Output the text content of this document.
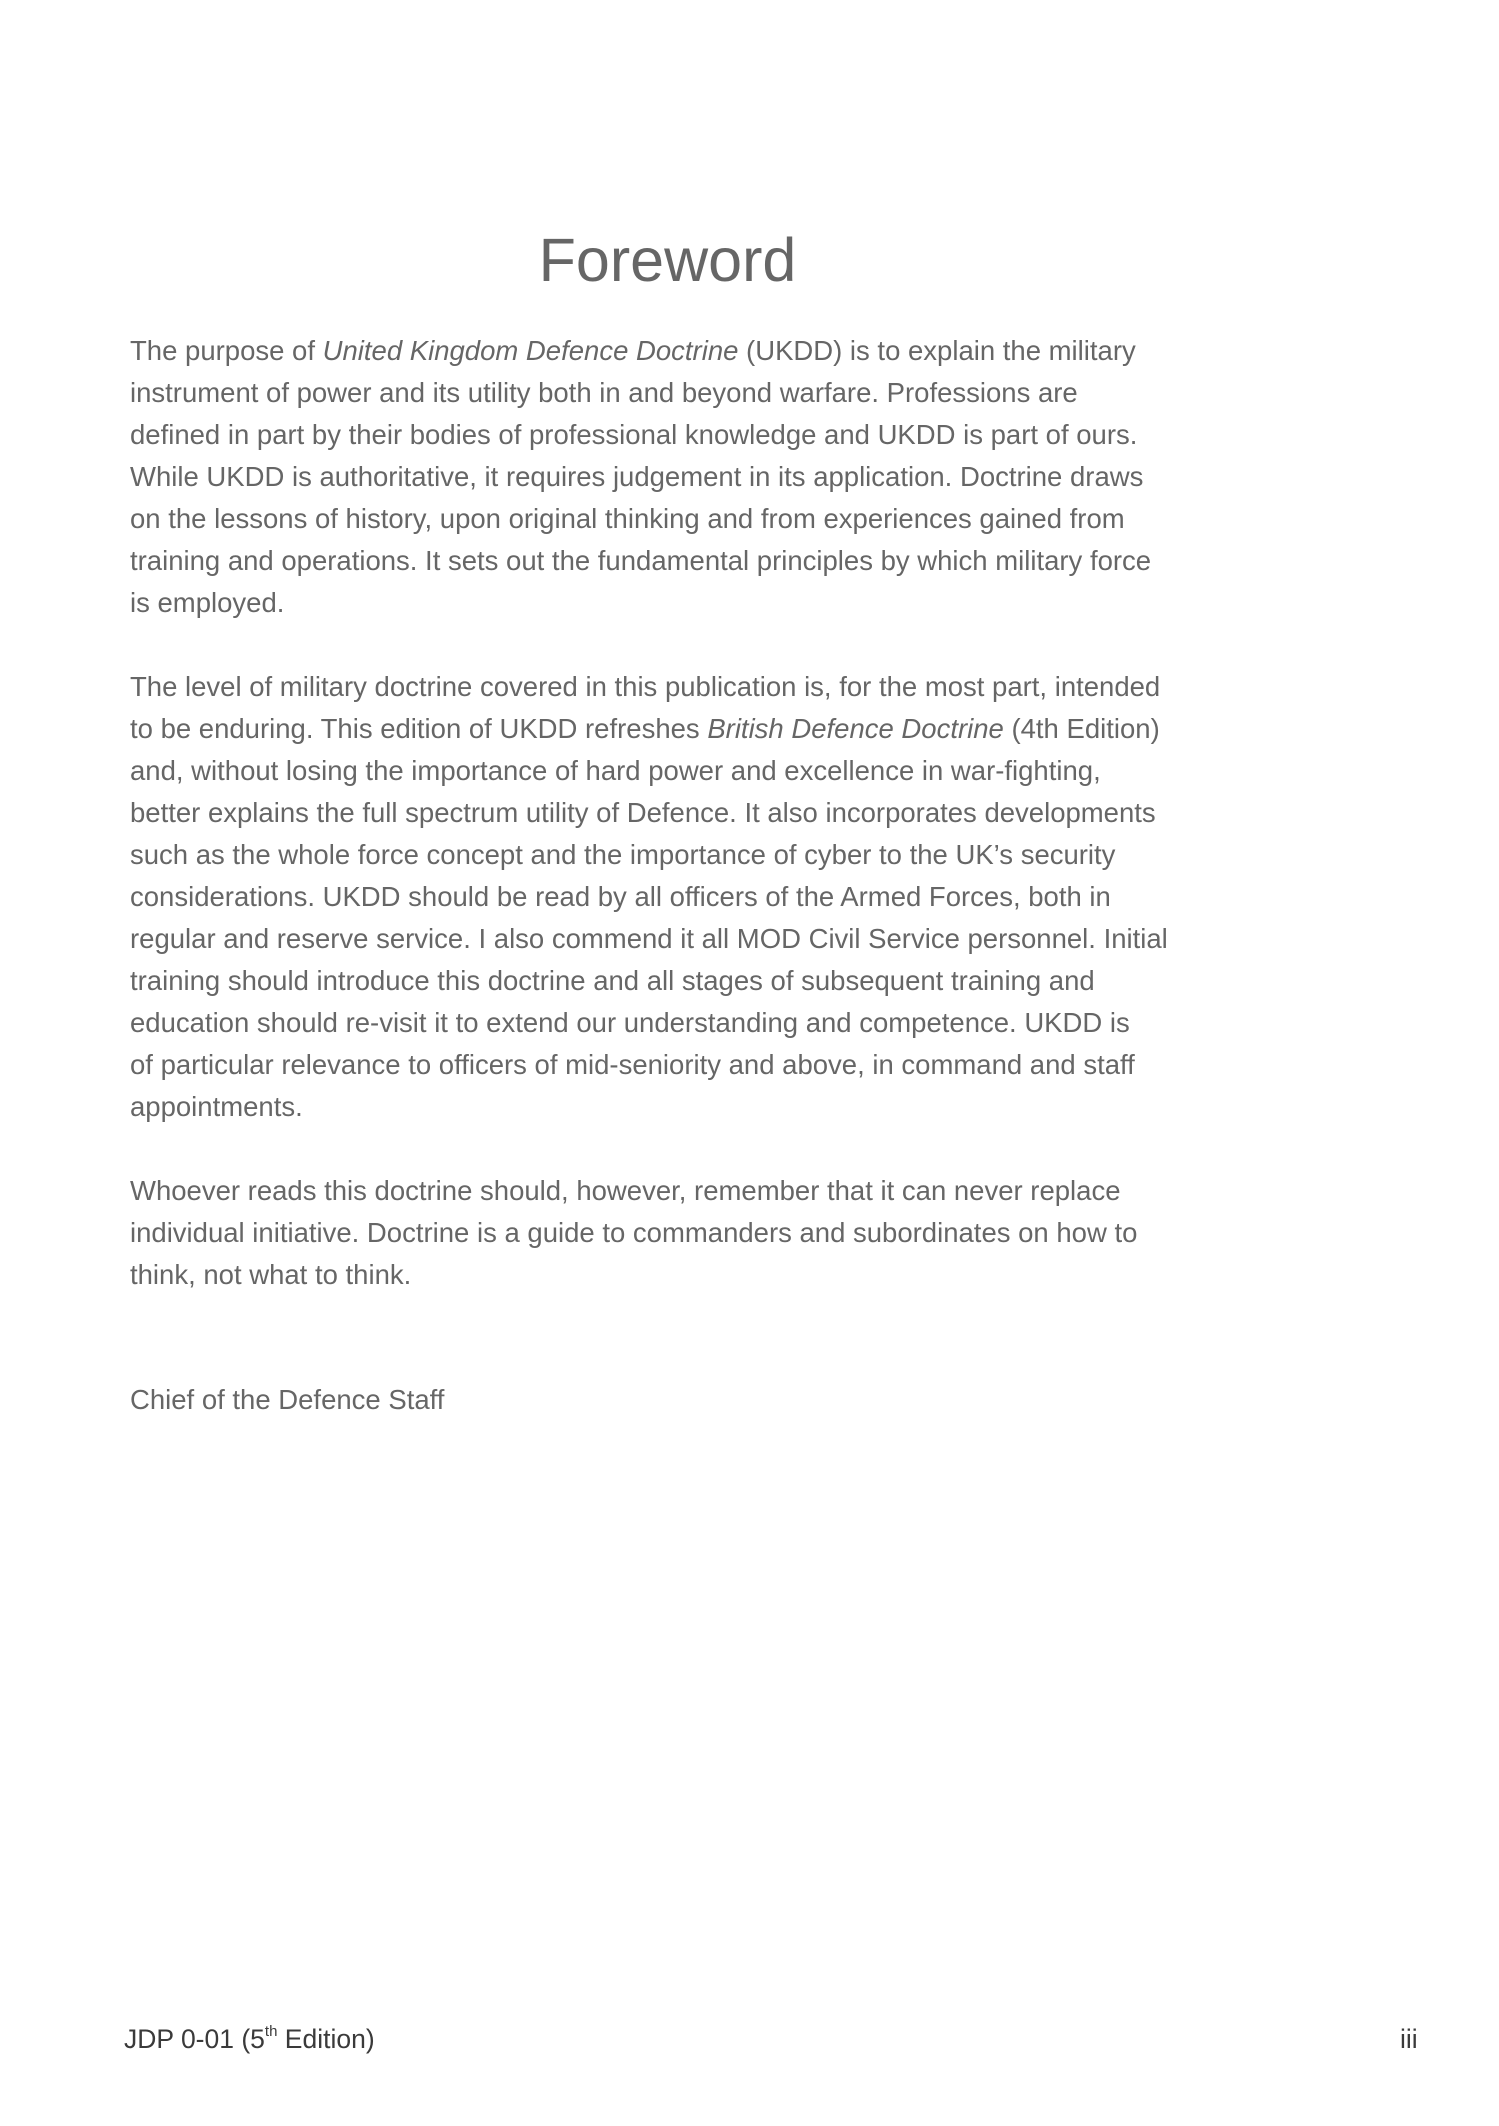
Foreword

The purpose of United Kingdom Defence Doctrine (UKDD) is to explain the military
instrument of power and its utility both in and beyond warfare. Professions are
defined in part by their bodies of professional knowledge and UKDD is part of ours.
While UKDD is authoritative, it requires judgement in its application. Doctrine draws
on the lessons of history, upon original thinking and from experiences gained from
training and operations. It sets out the fundamental principles by which military force
is employed.

The level of military doctrine covered in this publication is, for the most part, intended
to be enduring. This edition of UKDD refreshes British Defence Doctrine (4th Edition)
and, without losing the importance of hard power and excellence in war-fighting,
better explains the full spectrum utility of Defence. It also incorporates developments
such as the whole force concept and the importance of cyber to the UK’s security
considerations. UKDD should be read by all officers of the Armed Forces, both in
regular and reserve service. I also commend it all MOD Civil Service personnel. Initial
training should introduce this doctrine and all stages of subsequent training and
education should re-visit it to extend our understanding and competence. UKDD is
of particular relevance to officers of mid-seniority and above, in command and staff
appointments.

Whoever reads this doctrine should, however, remember that it can never replace
individual initiative. Doctrine is a guide to commanders and subordinates on how to
think, not what to think.

Chief of the Defence Staff
JDP 0-01 (5th Edition)	iii
